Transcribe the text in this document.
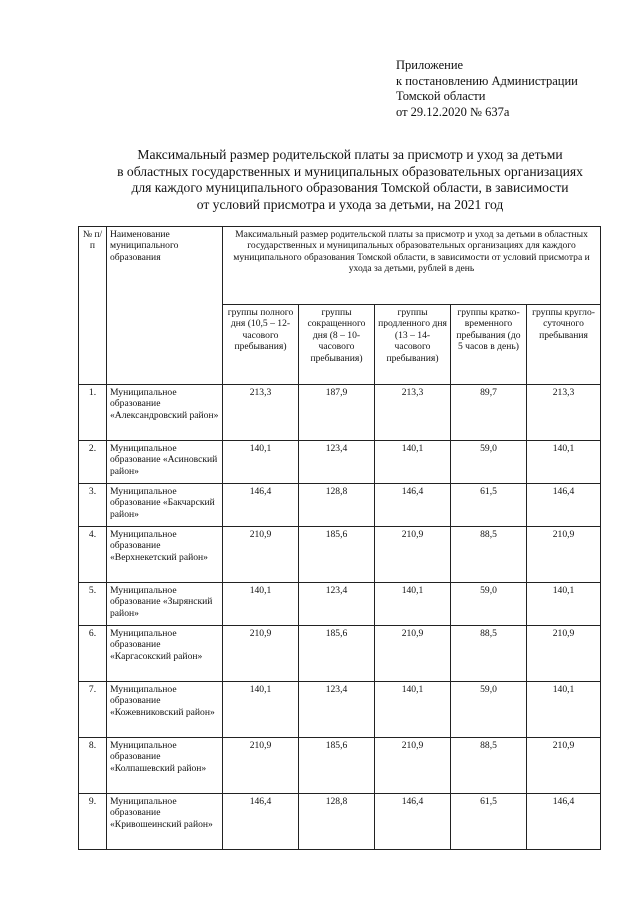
Приложение
к постановлению Администрации
Томской области
от 29.12.2020 № 637а
Максимальный размер родительской платы за присмотр и уход за детьми
в областных государственных и муниципальных образовательных организациях
для каждого муниципального образования Томской области, в зависимости
от условий присмотра и ухода за детьми, на 2021 год
№ п/п	Наименование муниципального образования	Максимальный размер родительской платы за присмотр и уход за детьми в областных государственных и муниципальных образовательных организациях для каждого муниципального образования Томской области, в зависимости от условий присмотра и ухода за детьми, рублей в день				
		группы полного дня (10,5 – 12-часового пребывания)	группы сокращенного дня (8 – 10-часового пребывания)	группы продленного дня (13 – 14-часового пребывания)	группы кратко-временного пребывания (до 5 часов в день)	группы кругло-суточного пребывания
1.	Муниципальное образование «Александровский район»	213,3	187,9	213,3	89,7	213,3
2.	Муниципальное образование «Асиновский район»	140,1	123,4	140,1	59,0	140,1
3.	Муниципальное образование «Бакчарский район»	146,4	128,8	146,4	61,5	146,4
4.	Муниципальное образование «Верхнекетский район»	210,9	185,6	210,9	88,5	210,9
5.	Муниципальное образование «Зырянский район»	140,1	123,4	140,1	59,0	140,1
6.	Муниципальное образование «Каргасокский район»	210,9	185,6	210,9	88,5	210,9
7.	Муниципальное образование «Кожевниковский район»	140,1	123,4	140,1	59,0	140,1
8.	Муниципальное образование «Колпашевский район»	210,9	185,6	210,9	88,5	210,9
9.	Муниципальное образование «Кривошеинский район»	146,4	128,8	146,4	61,5	146,4
